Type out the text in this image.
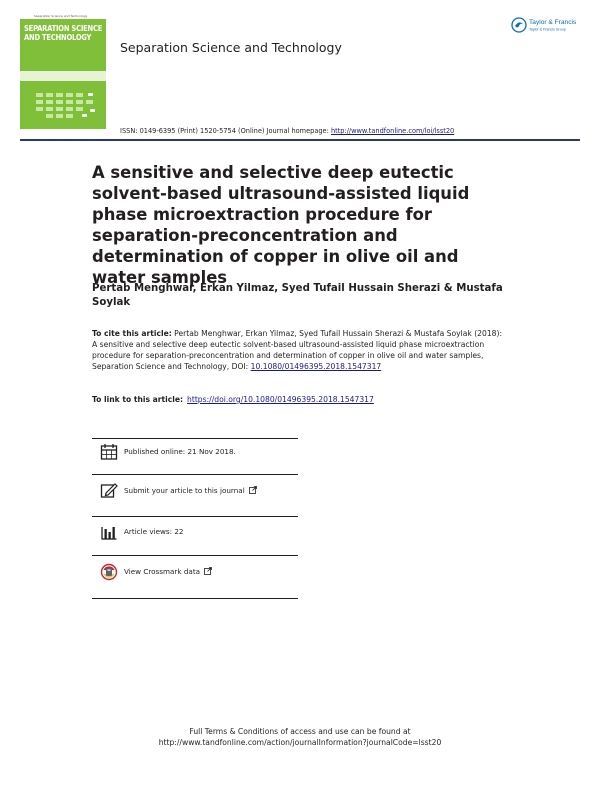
Separation Science and Technology
SEPARATION SCIENCE
AND TECHNOLOGY
Separation Science and Technology
Taylor & Francis
Taylor & Francis Group
ISSN: 0149-6395 (Print) 1520-5754 (Online) Journal homepage: http://www.tandfonline.com/loi/lsst20
A sensitive and selective deep eutectic solvent-based ultrasound-assisted liquid phase microextraction procedure for separation-preconcentration and determination of copper in olive oil and water samples
Pertab Menghwar, Erkan Yilmaz, Syed Tufail Hussain Sherazi & Mustafa Soylak
To cite this article: Pertab Menghwar, Erkan Yilmaz, Syed Tufail Hussain Sherazi & Mustafa Soylak (2018): A sensitive and selective deep eutectic solvent-based ultrasound-assisted liquid phase microextraction procedure for separation-preconcentration and determination of copper in olive oil and water samples, Separation Science and Technology, DOI: 10.1080/01496395.2018.1547317
To link to this article: https://doi.org/10.1080/01496395.2018.1547317
Published online: 21 Nov 2018.
Submit your article to this journal
Article views: 22
View Crossmark data
Full Terms & Conditions of access and use can be found at
http://www.tandfonline.com/action/journalInformation?journalCode=lsst20
